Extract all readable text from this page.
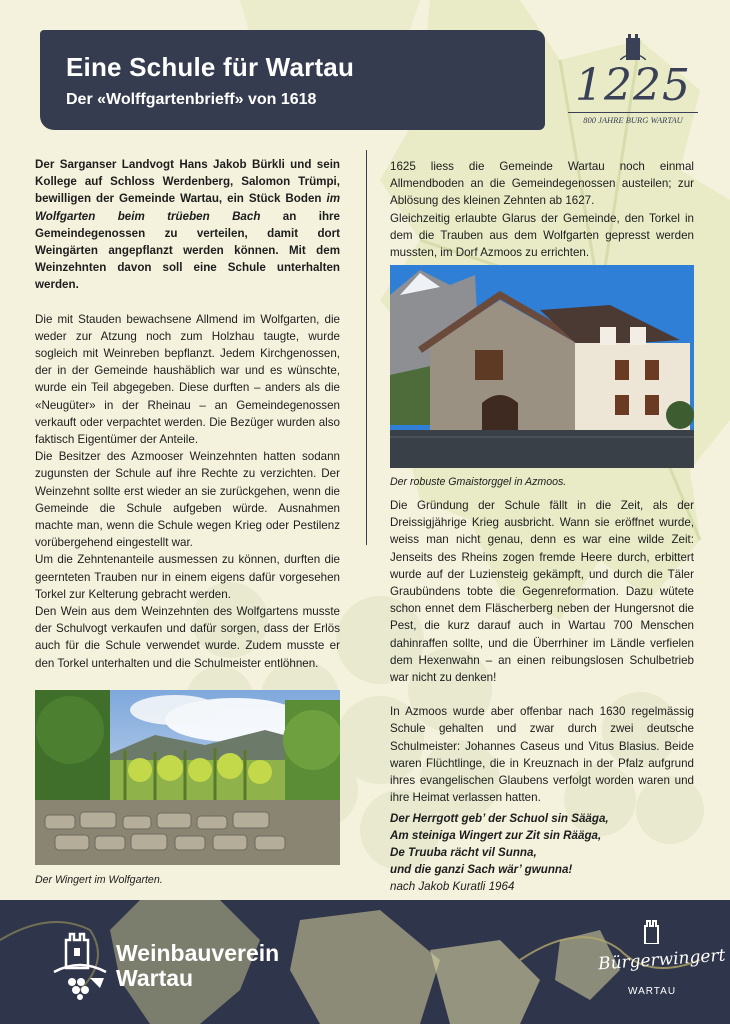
Eine Schule für Wartau
Der «Wolffgartenbrieff» von 1618	1225
800 JAHRE BURG WARTAU

Der Sarganser Landvogt Hans Jakob Bürkli und sein Kollege auf Schloss Werdenberg, Salomon Trümpi, bewilligen der Gemeinde Wartau, ein Stück Boden im Wolfgarten beim trüeben Bach an ihre Gemeindegenossen zu verteilen, damit dort Weingärten angepflanzt werden können. Mit dem Weinzehnten davon soll eine Schule unterhalten werden.

Die mit Stauden bewachsene Allmend im Wolfgarten, die weder zur Atzung noch zum Holzhau taugte, wurde sogleich mit Weinreben bepflanzt. Jedem Kirchgenossen, der in der Gemeinde haushäblich war und es wünschte, wurde ein Teil abgegeben. Diese durften – anders als die «Neugüter» in der Rheinau – an Gemeindegenossen verkauft oder verpachtet werden. Die Bezüger wurden also faktisch Eigentümer der Anteile.

Die Besitzer des Azmooser Weinzehnten hatten sodann zugunsten der Schule auf ihre Rechte zu verzichten. Der Weinzehnt sollte erst wieder an sie zurückgehen, wenn die Gemeinde die Schule aufgeben würde. Ausnahmen machte man, wenn die Schule wegen Krieg oder Pestilenz vorübergehend eingestellt war.

Um die Zehntenanteile ausmessen zu können, durften die geernteten Trauben nur in einem eigens dafür vorgesehen Torkel zur Kelterung gebracht werden.

Den Wein aus dem Weinzehnten des Wolfgartens musste der Schulvogt verkaufen und dafür sorgen, dass der Erlös auch für die Schule verwendet wurde. Zudem musste er den Torkel unterhalten und die Schulmeister entlöhnen.

Der Wingert im Wolfgarten.

1625 liess die Gemeinde Wartau noch einmal Allmendboden an die Gemeindegenossen austeilen; zur Ablösung des kleinen Zehnten ab 1627.

Gleichzeitig erlaubte Glarus der Gemeinde, den Torkel in dem die Trauben aus dem Wolfgarten gepresst werden mussten, im Dorf Azmoos zu errichten.

Der robuste Gmaistorggel in Azmoos.

Die Gründung der Schule fällt in die Zeit, als der Dreissigjährige Krieg ausbricht. Wann sie eröffnet wurde, weiss man nicht genau, denn es war eine wilde Zeit: Jenseits des Rheins zogen fremde Heere durch, erbittert wurde auf der Luziensteig gekämpft, und durch die Täler Graubündens tobte die Gegenreformation. Dazu wütete schon ennet dem Fläscherberg neben der Hungersnot die Pest, die kurz darauf auch in Wartau 700 Menschen dahinraffen sollte, und die Überrhiner im Ländle verfielen dem Hexenwahn – an einen reibungslosen Schulbetrieb war nicht zu denken!

In Azmoos wurde aber offenbar nach 1630 regelmässig Schule gehalten und zwar durch zwei deutsche Schulmeister: Johannes Caseus und Vitus Blasius. Beide waren Flüchtlinge, die in Kreuznach in der Pfalz aufgrund ihres evangelischen Glaubens verfolgt worden waren und ihre Heimat verlassen hatten.

Der Herrgott geb’ der Schuol sin Sääga,
Am steiniga Wingert zur Zit sin Rääga,
De Truuba rächt vil Sunna,
und die ganzi Sach wär’ gwunna!
nach Jakob Kuratli 1964
Weinbauverein
Wartau
Bürgerwingert
WARTAU
